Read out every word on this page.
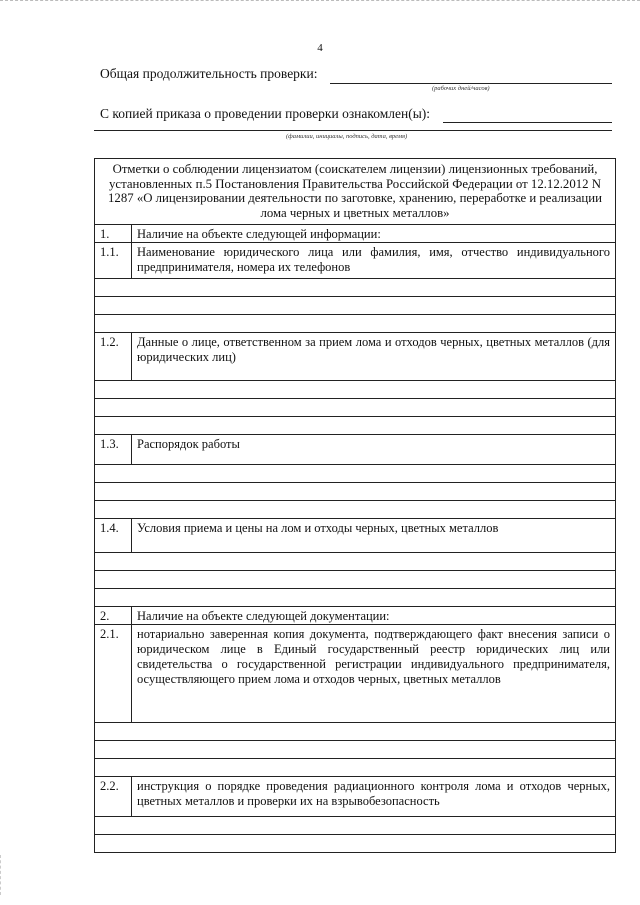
4
Общая продолжительность проверки:
(рабочих дней/часов)
С копией приказа о проведении проверки ознакомлен(ы):
(фамилии, инициалы, подпись, дата, время)
Отметки о соблюдении лицензиатом (соискателем лицензии) лицензионных требований, установленных п.5 Постановления Правительства Российской Федерации от 12.12.2012 N 1287 «О лицензировании деятельности по заготовке, хранению, переработке и реализации лома черных и цветных металлов»	
1.	Наличие на объекте следующей информации:
1.1.	Наименование юридического лица или фамилия, имя, отчество индивидуального предпринимателя, номера их телефонов

1.2.	Данные о лице, ответственном за прием лома и отходов черных, цветных металлов (для юридических лиц)

1.3.	Распорядок работы

1.4.	Условия приема и цены на лом и отходы черных, цветных металлов

2.	Наличие на объекте следующей документации:
2.1.	нотариально заверенная копия документа, подтверждающего факт внесения записи о юридическом лице в Единый государственный реестр юридических лиц или свидетельства о государственной регистрации индивидуального предпринимателя, осуществляющего прием лома и отходов черных, цветных металлов

2.2.	инструкция о порядке проведения радиационного контроля лома и отходов черных, цветных металлов и проверки их на взрывобезопасность
